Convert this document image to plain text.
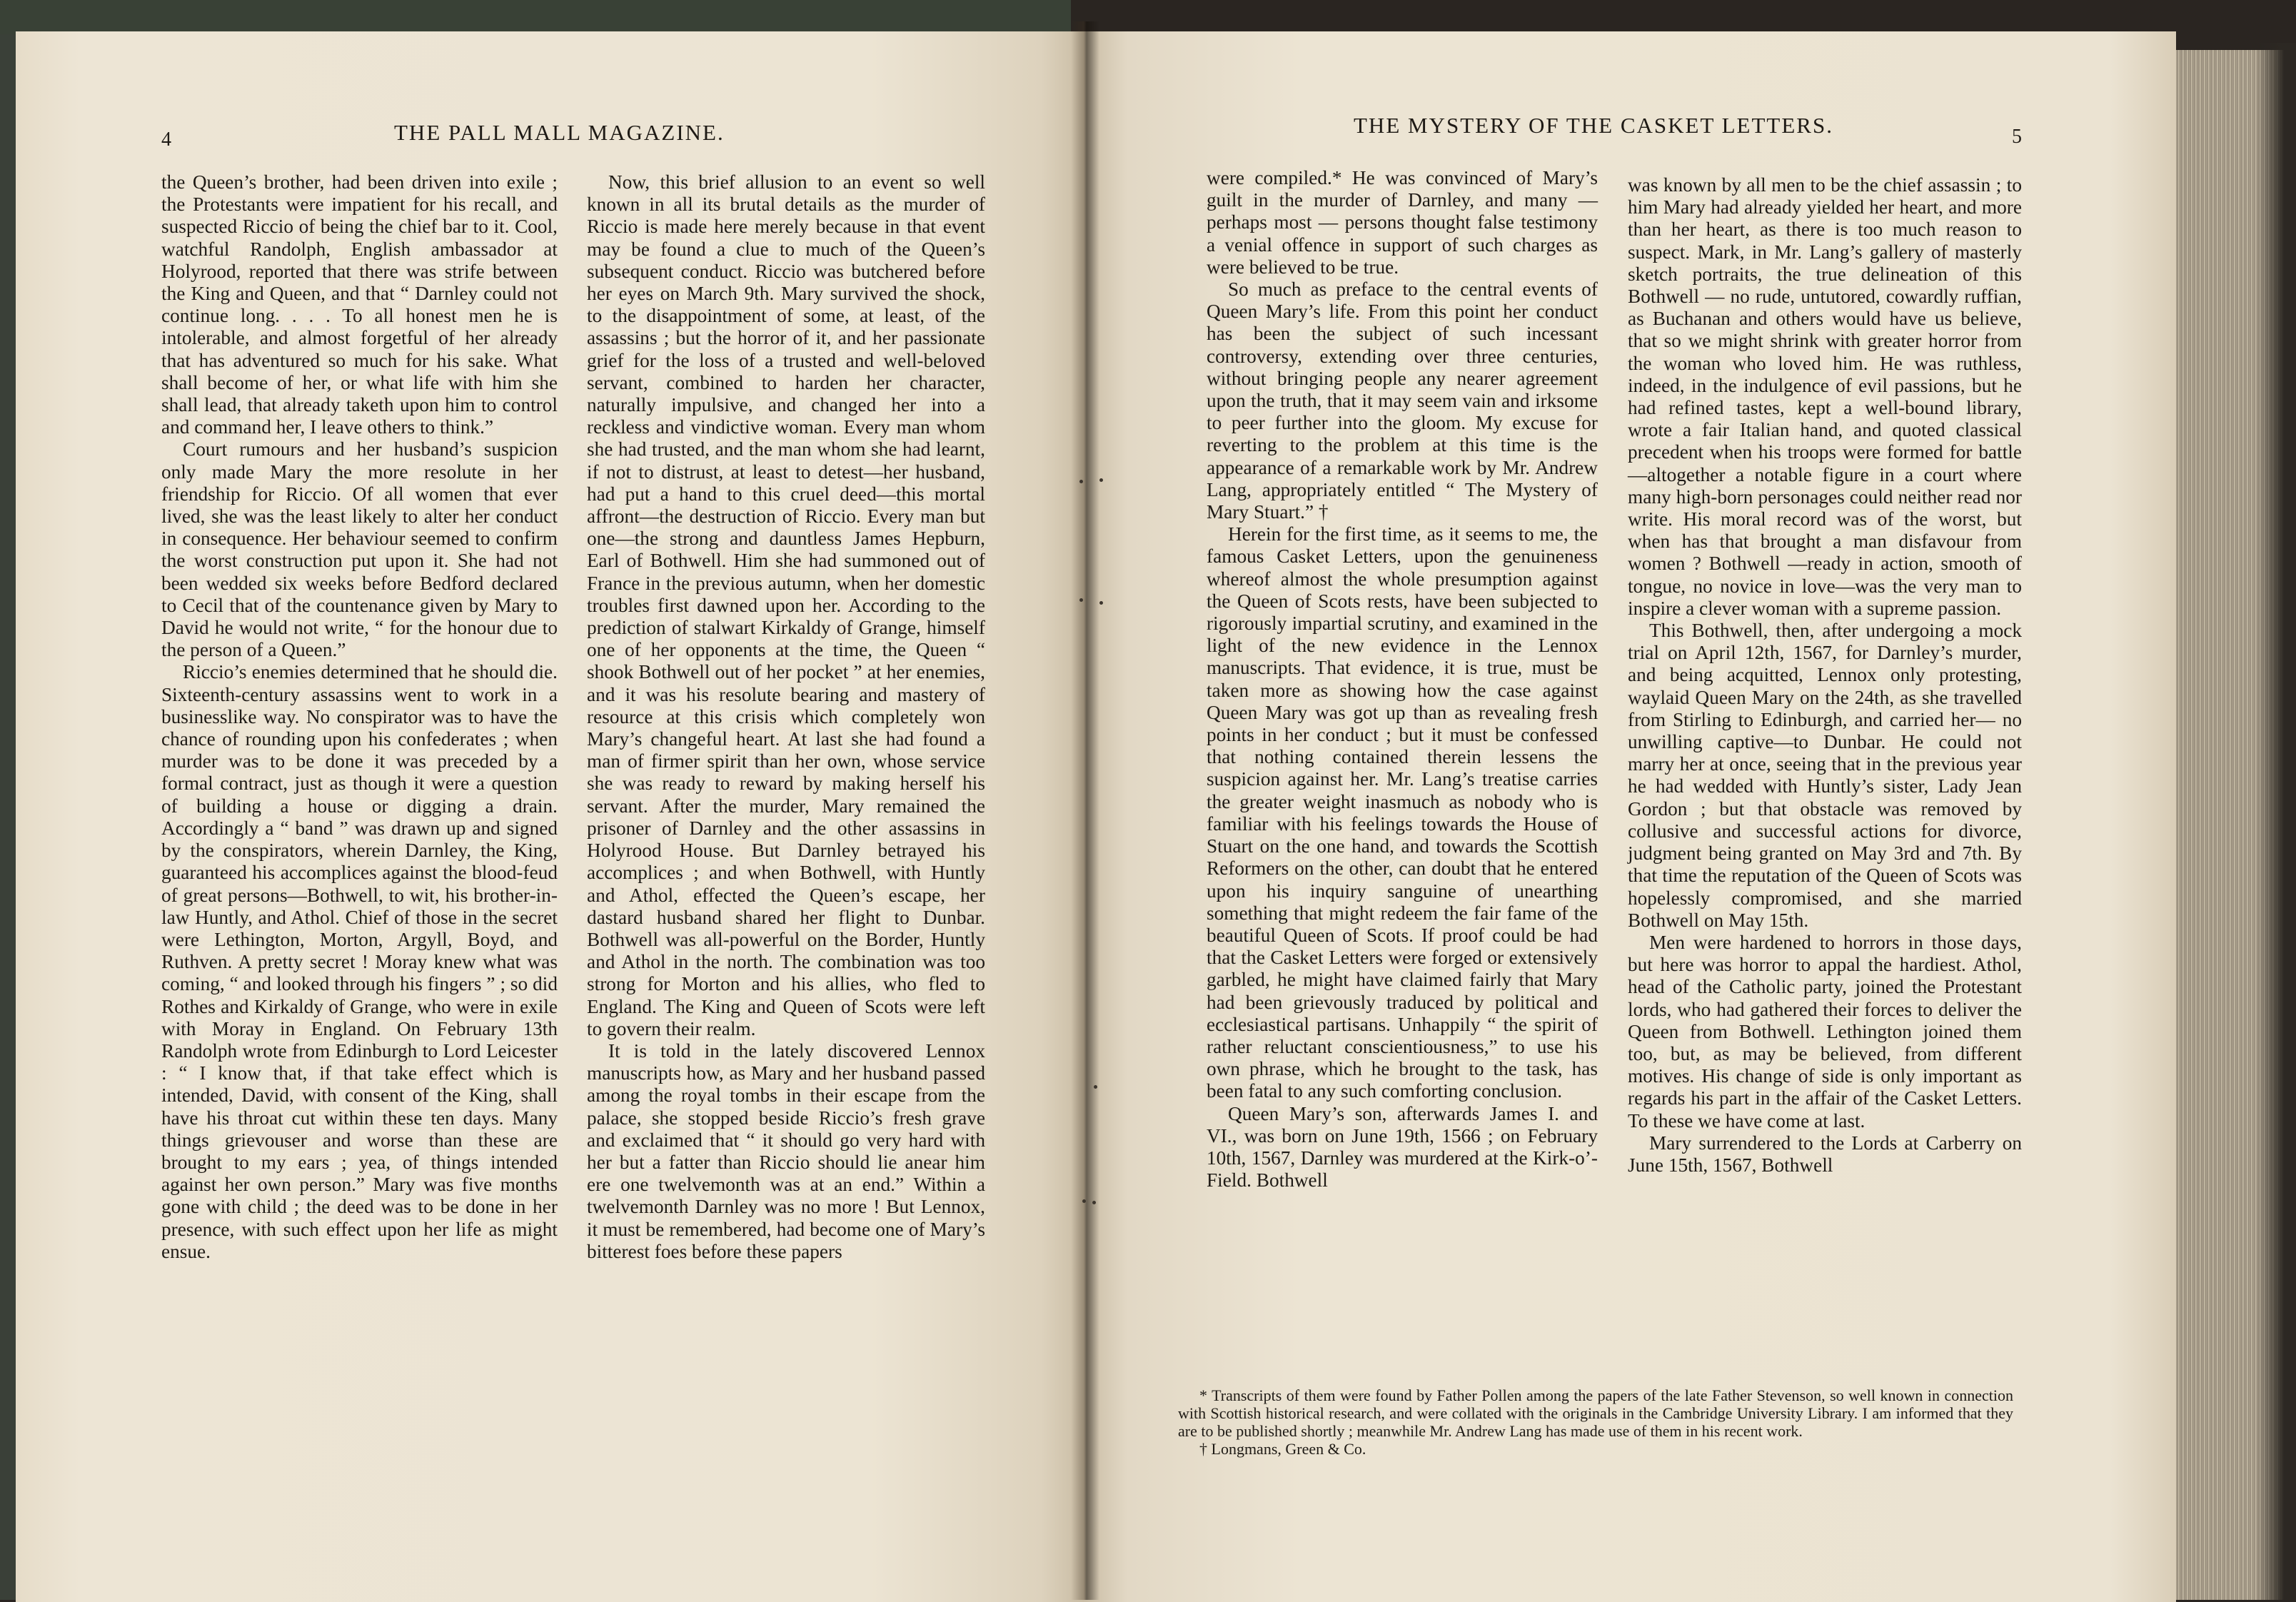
4	THE PALL MALL MAGAZINE.

the Queen’s brother, had been driven into exile ; the Protestants were impatient for his recall, and suspected Riccio of being the chief bar to it. Cool, watchful Randolph, English ambassador at Holyrood, reported that there was strife between the King and Queen, and that “ Darnley could not continue long. . . . To all honest men he is intolerable, and almost forgetful of her already that has adventured so much for his sake. What shall become of her, or what life with him she shall lead, that already taketh upon him to control and command her, I leave others to think.”

Court rumours and her husband’s suspicion only made Mary the more resolute in her friendship for Riccio. Of all women that ever lived, she was the least likely to alter her conduct in consequence. Her behaviour seemed to confirm the worst construction put upon it. She had not been wedded six weeks before Bedford declared to Cecil that of the countenance given by Mary to David he would not write, “ for the honour due to the person of a Queen.”

Riccio’s enemies determined that he should die. Sixteenth-century assassins went to work in a businesslike way. No conspirator was to have the chance of rounding upon his confederates ; when murder was to be done it was preceded by a formal contract, just as though it were a question of building a house or digging a drain. Accordingly a “ band ” was drawn up and signed by the conspirators, wherein Darnley, the King, guaranteed his accomplices against the blood-feud of great persons—Bothwell, to wit, his brother-in-law Huntly, and Athol. Chief of those in the secret were Lethington, Morton, Argyll, Boyd, and Ruthven. A pretty secret ! Moray knew what was coming, “ and looked through his fingers ” ; so did Rothes and Kirkaldy of Grange, who were in exile with Moray in England. On February 13th Randolph wrote from Edinburgh to Lord Leicester : “ I know that, if that take effect which is intended, David, with consent of the King, shall have his throat cut within these ten days. Many things grievouser and worse than these are brought to my ears ; yea, of things intended against her own person.” Mary was five months gone with child ; the deed was to be done in her presence, with such effect upon her life as might ensue.

Now, this brief allusion to an event so well known in all its brutal details as the murder of Riccio is made here merely because in that event may be found a clue to much of the Queen’s subsequent conduct. Riccio was butchered before her eyes on March 9th. Mary survived the shock, to the disappointment of some, at least, of the assassins ; but the horror of it, and her passionate grief for the loss of a trusted and well-beloved servant, combined to harden her character, naturally impulsive, and changed her into a reckless and vindictive woman. Every man whom she had trusted, and the man whom she had learnt, if not to distrust, at least to detest—her husband, had put a hand to this cruel deed—this mortal affront—the destruction of Riccio. Every man but one—the strong and dauntless James Hepburn, Earl of Bothwell. Him she had summoned out of France in the previous autumn, when her domestic troubles first dawned upon her. According to the prediction of stalwart Kirkaldy of Grange, himself one of her opponents at the time, the Queen “ shook Bothwell out of her pocket ” at her enemies, and it was his resolute bearing and mastery of resource at this crisis which completely won Mary’s changeful heart. At last she had found a man of firmer spirit than her own, whose service she was ready to reward by making herself his servant. After the murder, Mary remained the prisoner of Darnley and the other assassins in Holyrood House. But Darnley betrayed his accomplices ; and when Bothwell, with Huntly and Athol, effected the Queen’s escape, her dastard husband shared her flight to Dunbar. Bothwell was all-powerful on the Border, Huntly and Athol in the north. The combination was too strong for Morton and his allies, who fled to England. The King and Queen of Scots were left to govern their realm.

It is told in the lately discovered Lennox manuscripts how, as Mary and her husband passed among the royal tombs in their escape from the palace, she stopped beside Riccio’s fresh grave and exclaimed that “ it should go very hard with her but a fatter than Riccio should lie anear him ere one twelvemonth was at an end.” Within a twelvemonth Darnley was no more ! But Lennox, it must be remembered, had become one of Mary’s bitterest foes before these papers

THE MYSTERY OF THE CASKET LETTERS.	5

were compiled.* He was convinced of Mary’s guilt in the murder of Darnley, and many — perhaps most — persons thought false testimony a venial offence in support of such charges as were believed to be true.

So much as preface to the central events of Queen Mary’s life. From this point her conduct has been the subject of such incessant controversy, extending over three centuries, without bringing people any nearer agreement upon the truth, that it may seem vain and irksome to peer further into the gloom. My excuse for reverting to the problem at this time is the appearance of a remarkable work by Mr. Andrew Lang, appropriately entitled “ The Mystery of Mary Stuart.” †

Herein for the first time, as it seems to me, the famous Casket Letters, upon the genuineness whereof almost the whole presumption against the Queen of Scots rests, have been subjected to rigorously impartial scrutiny, and examined in the light of the new evidence in the Lennox manuscripts. That evidence, it is true, must be taken more as showing how the case against Queen Mary was got up than as revealing fresh points in her conduct ; but it must be confessed that nothing contained therein lessens the suspicion against her. Mr. Lang’s treatise carries the greater weight inasmuch as nobody who is familiar with his feelings towards the House of Stuart on the one hand, and towards the Scottish Reformers on the other, can doubt that he entered upon his inquiry sanguine of unearthing something that might redeem the fair fame of the beautiful Queen of Scots. If proof could be had that the Casket Letters were forged or extensively garbled, he might have claimed fairly that Mary had been grievously traduced by political and ecclesiastical partisans. Unhappily “ the spirit of rather reluctant conscientiousness,” to use his own phrase, which he brought to the task, has been fatal to any such comforting conclusion.

Queen Mary’s son, afterwards James I. and VI., was born on June 19th, 1566 ; on February 10th, 1567, Darnley was murdered at the Kirk-o’-Field. Bothwell

was known by all men to be the chief assassin ; to him Mary had already yielded her heart, and more than her heart, as there is too much reason to suspect. Mark, in Mr. Lang’s gallery of masterly sketch portraits, the true delineation of this Bothwell — no rude, untutored, cowardly ruffian, as Buchanan and others would have us believe, that so we might shrink with greater horror from the woman who loved him. He was ruthless, indeed, in the indulgence of evil passions, but he had refined tastes, kept a well-bound library, wrote a fair Italian hand, and quoted classical precedent when his troops were formed for battle—altogether a notable figure in a court where many high-born personages could neither read nor write. His moral record was of the worst, but when has that brought a man disfavour from women ? Bothwell —ready in action, smooth of tongue, no novice in love—was the very man to inspire a clever woman with a supreme passion.

This Bothwell, then, after undergoing a mock trial on April 12th, 1567, for Darnley’s murder, and being acquitted, Lennox only protesting, waylaid Queen Mary on the 24th, as she travelled from Stirling to Edinburgh, and carried her— no unwilling captive—to Dunbar. He could not marry her at once, seeing that in the previous year he had wedded with Huntly’s sister, Lady Jean Gordon ; but that obstacle was removed by collusive and successful actions for divorce, judgment being granted on May 3rd and 7th. By that time the reputation of the Queen of Scots was hopelessly compromised, and she married Bothwell on May 15th.

Men were hardened to horrors in those days, but here was horror to appal the hardiest. Athol, head of the Catholic party, joined the Protestant lords, who had gathered their forces to deliver the Queen from Bothwell. Lethington joined them too, but, as may be believed, from different motives. His change of side is only important as regards his part in the affair of the Casket Letters. To these we have come at last.

Mary surrendered to the Lords at Carberry on June 15th, 1567, Bothwell

* Transcripts of them were found by Father Pollen among the papers of the late Father Stevenson, so well known in connection with Scottish historical research, and were collated with the originals in the Cambridge University Library. I am informed that they are to be published shortly ; meanwhile Mr. Andrew Lang has made use of them in his recent work.

† Longmans, Green & Co.
